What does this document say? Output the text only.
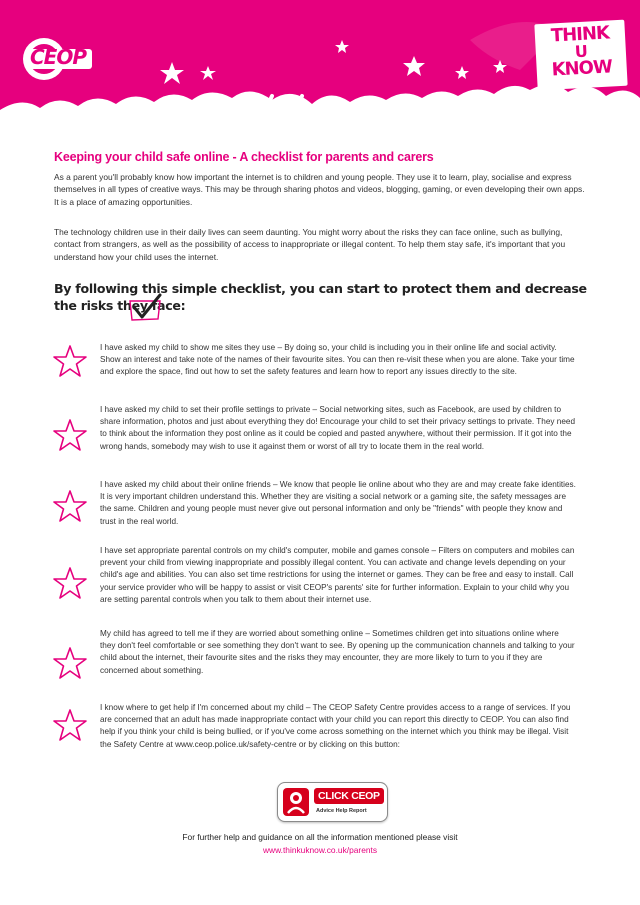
CEOP
THINK
U
KNOW
Keeping your child safe online - A checklist for parents and carers

As a parent you'll probably know how important the internet is to children and young people. They use it to learn, play, socialise and express themselves in all types of creative ways. This may be through sharing photos and videos, blogging, gaming, or even developing their own apps. It is a place of amazing opportunities.

The technology children use in their daily lives can seem daunting. You might worry about the risks they can face online, such as bullying, contact from strangers, as well as the possibility of access to inappropriate or illegal content. To help them stay safe, it's important that you understand how your child uses the internet.

By following this simple checklist, you can start to protect them and decrease the risks they face:

I have asked my child to show me sites they use – By doing so, your child is including you in their online life and social activity. Show an interest and take note of the names of their favourite sites. You can then re-visit these when you are alone. Take your time and explore the space, find out how to set the safety features and learn how to report any issues directly to the site.

I have asked my child to set their profile settings to private – Social networking sites, such as Facebook, are used by children to share information, photos and just about everything they do! Encourage your child to set their privacy settings to private. They need to think about the information they post online as it could be copied and pasted anywhere, without their permission. If it got into the wrong hands, somebody may wish to use it against them or worst of all try to locate them in the real world.

I have asked my child about their online friends – We know that people lie online about who they are and may create fake identities. It is very important children understand this. Whether they are visiting a social network or a gaming site, the safety messages are the same. Children and young people must never give out personal information and only be "friends" with people they know and trust in the real world.

I have set appropriate parental controls on my child's computer, mobile and games console – Filters on computers and mobiles can prevent your child from viewing inappropriate and possibly illegal content. You can activate and change levels depending on your child's age and abilities. You can also set time restrictions for using the internet or games. They can be free and easy to install. Call your service provider who will be happy to assist or visit CEOP's parents' site for further information. Explain to your child why you are setting parental controls when you talk to them about their internet use.

My child has agreed to tell me if they are worried about something online – Sometimes children get into situations online where they don't feel comfortable or see something they don't want to see. By opening up the communication channels and talking to your child about the internet, their favourite sites and the risks they may encounter, they are more likely to turn to you if they are concerned about something.

I know where to get help if I'm concerned about my child – The CEOP Safety Centre provides access to a range of services. If you are concerned that an adult has made inappropriate contact with your child you can report this directly to CEOP. You can also find help if you think your child is being bullied, or if you've come across something on the internet which you think may be illegal. Visit the Safety Centre at www.ceop.police.uk/safety-centre or by clicking on this button:

CLICK CEOP
Advice Help Report

For further help and guidance on all the information mentioned please visit

www.thinkuknow.co.uk/parents
